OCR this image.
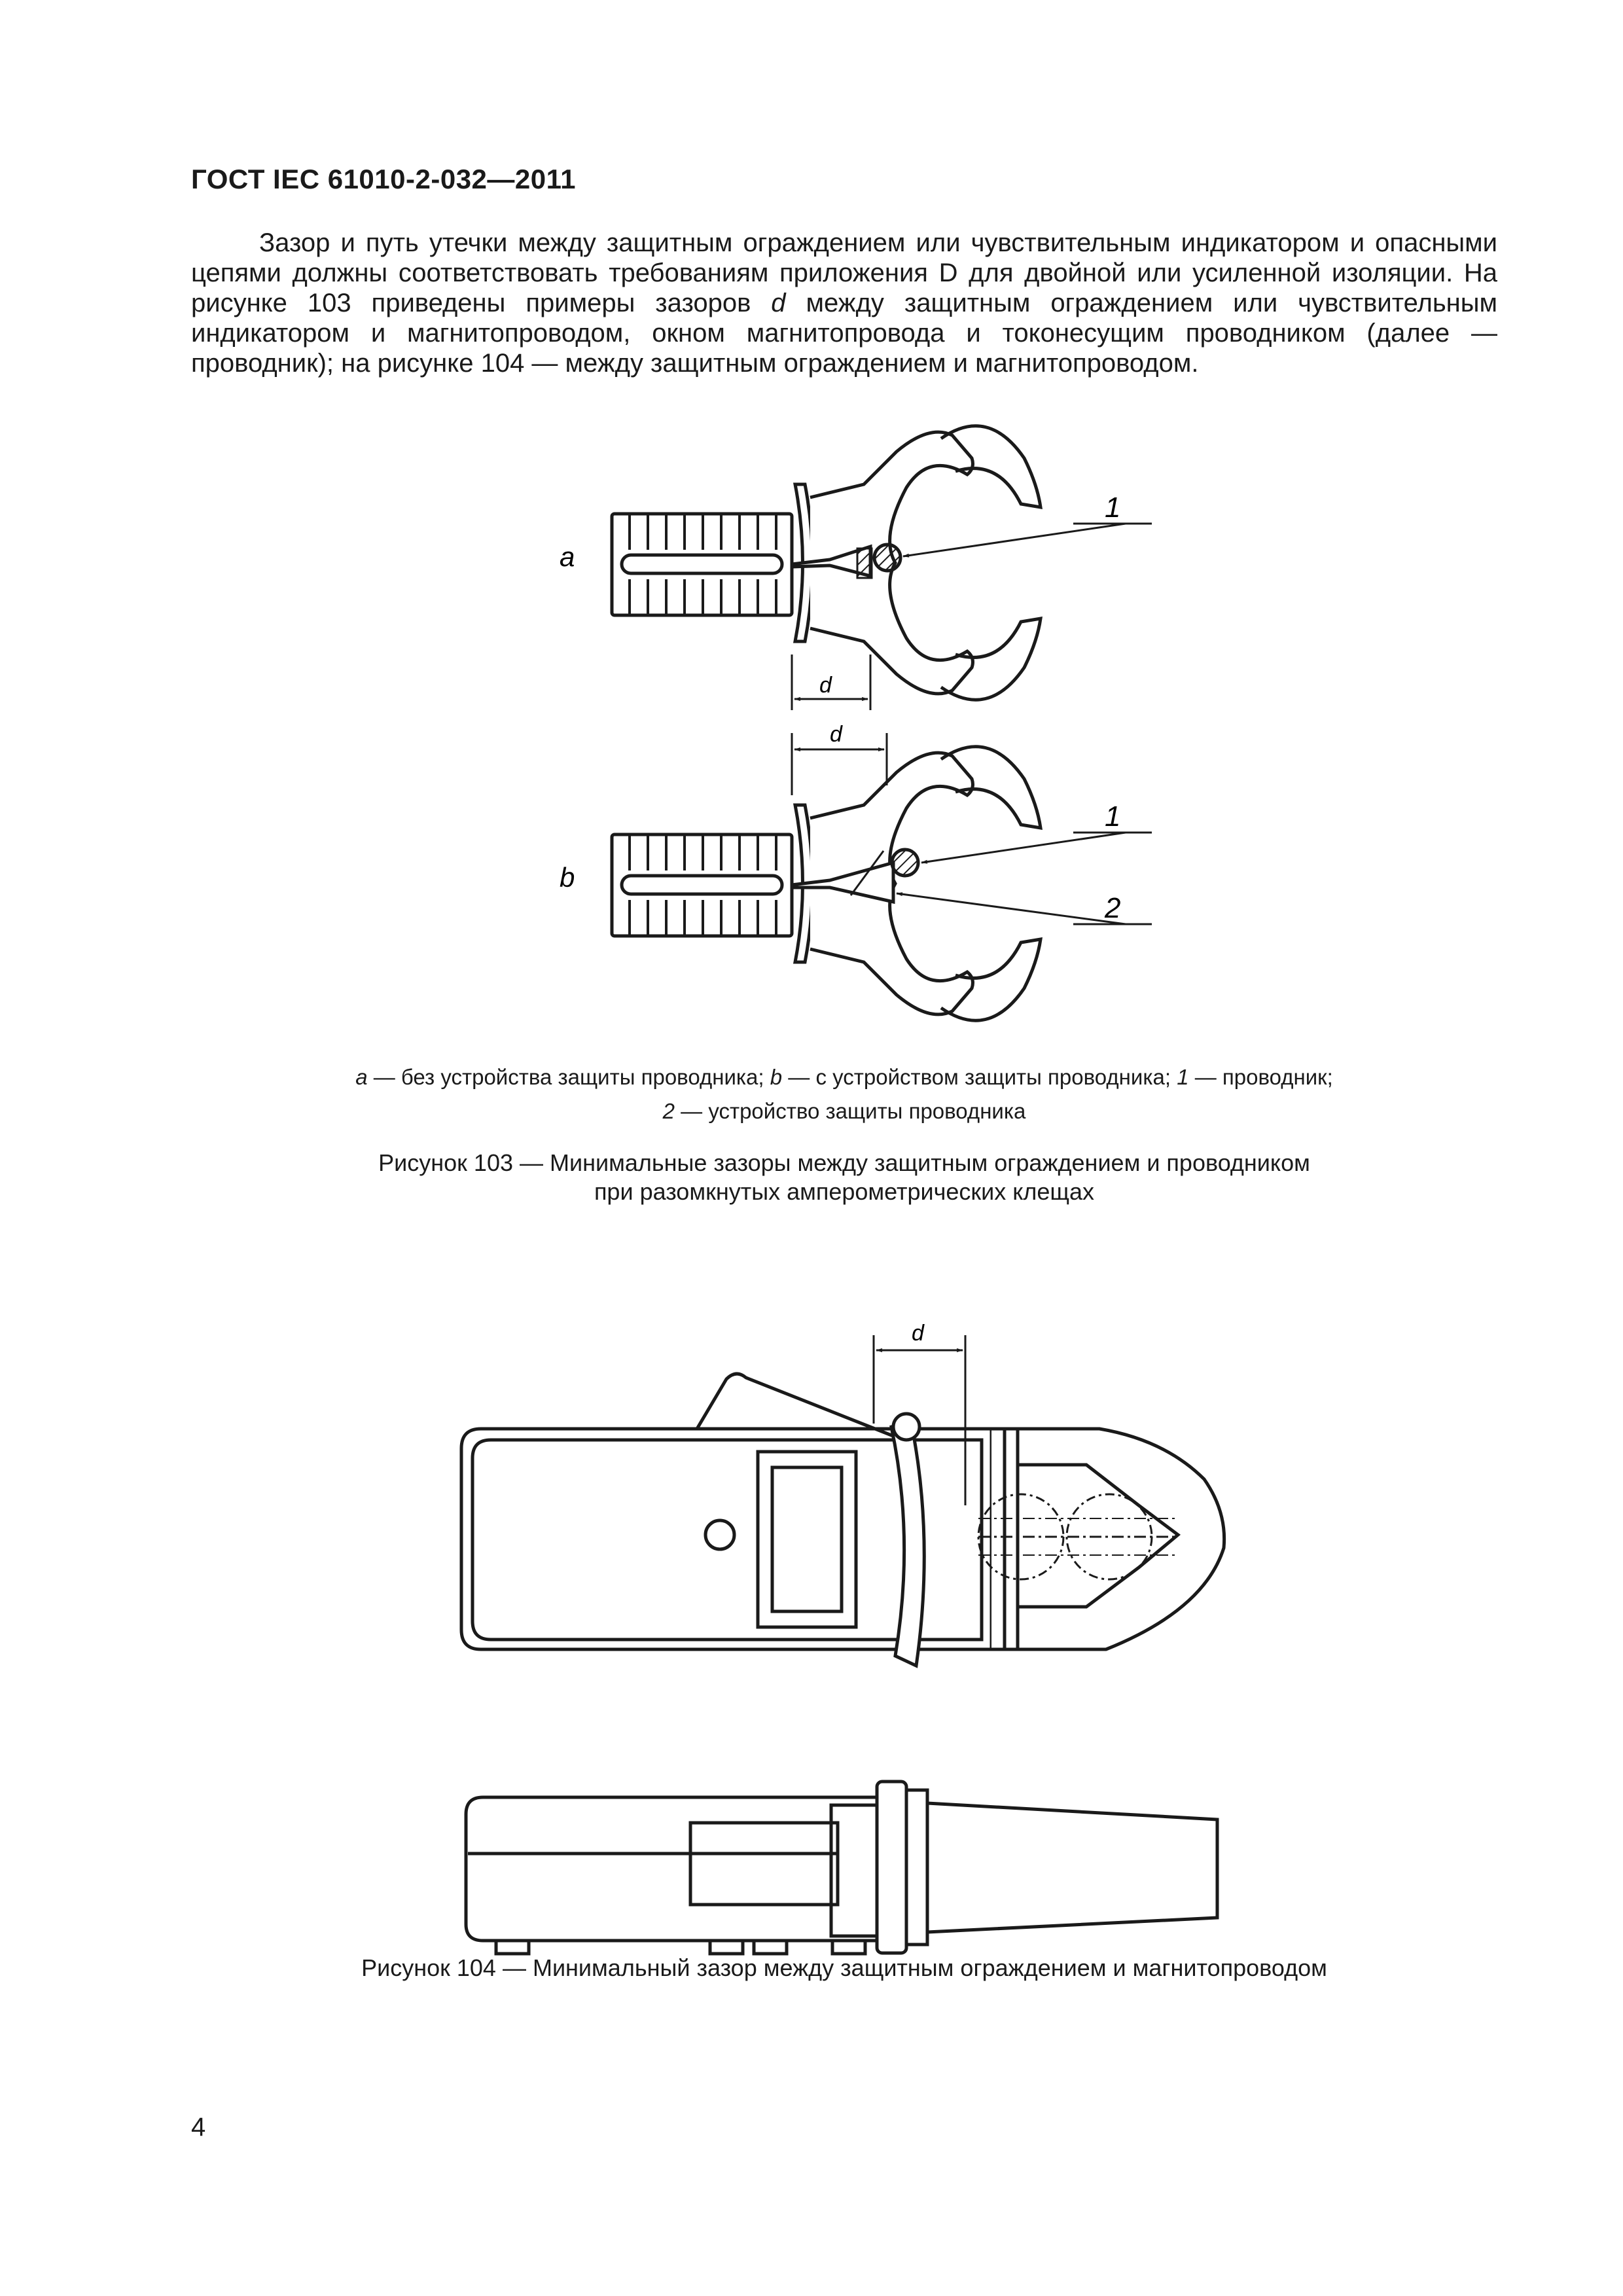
ГОСТ IEC 61010-2-032—2011

Зазор и путь утечки между защитным ограждением или чувствительным индикатором и опасными цепями должны соответствовать требованиям приложения D для двойной или усиленной изоляции. На рисунке 103 приведены примеры зазоров d между защитным ограждением или чувствительным индикатором и магнитопроводом, окном магнитопровода и токонесущим проводником (далее — проводник); на рисунке 104 — между защитным ограждением и магнитопроводом.

a
1
d
b
1
2
d
d
a — без устройства защиты проводника; b — с устройством защиты проводника; 1 — проводник;
2 — устройство защиты проводника
Рисунок 103 — Минимальные зазоры между защитным ограждением и проводником
при разомкнутых амперометрических клещах
Рисунок 104 — Минимальный зазор между защитным ограждением и магнитопроводом
4
